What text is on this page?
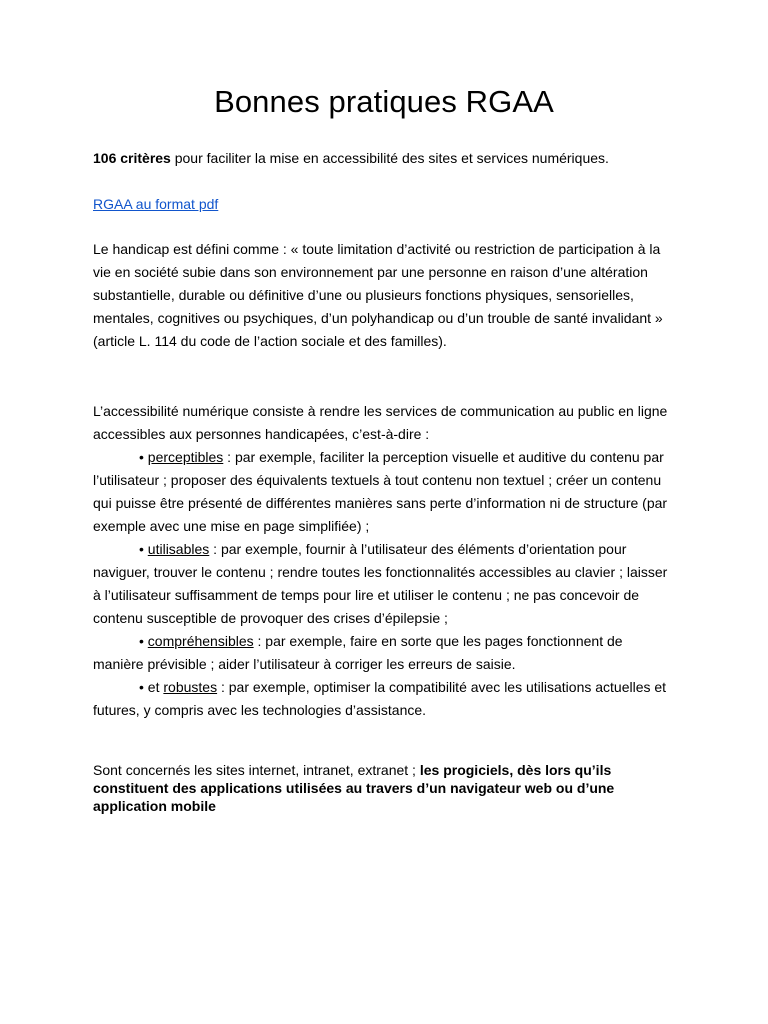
Bonnes pratiques RGAA

106 critères pour faciliter la mise en accessibilité des sites et services numériques.

RGAA au format pdf

Le handicap est défini comme : « toute limitation d’activité ou restriction de participation à la
vie en société subie dans son environnement par une personne en raison d’une altération
substantielle, durable ou définitive d’une ou plusieurs fonctions physiques, sensorielles,
mentales, cognitives ou psychiques, d’un polyhandicap ou d’un trouble de santé invalidant »
(article L. 114 du code de l’action sociale et des familles).
L’accessibilité numérique consiste à rendre les services de communication au public en ligne
accessibles aux personnes handicapées, c’est-à-dire :
• perceptibles : par exemple, faciliter la perception visuelle et auditive du contenu par
l’utilisateur ; proposer des équivalents textuels à tout contenu non textuel ; créer un contenu
qui puisse être présenté de différentes manières sans perte d’information ni de structure (par
exemple avec une mise en page simplifiée) ;
• utilisables : par exemple, fournir à l’utilisateur des éléments d’orientation pour
naviguer, trouver le contenu ; rendre toutes les fonctionnalités accessibles au clavier ; laisser
à l’utilisateur suffisamment de temps pour lire et utiliser le contenu ; ne pas concevoir de
contenu susceptible de provoquer des crises d’épilepsie ;
• compréhensibles : par exemple, faire en sorte que les pages fonctionnent de
manière prévisible ; aider l’utilisateur à corriger les erreurs de saisie.
• et robustes : par exemple, optimiser la compatibilité avec les utilisations actuelles et
futures, y compris avec les technologies d’assistance.
Sont concernés les sites internet, intranet, extranet ; les progiciels, dès lors qu’ils
constituent des applications utilisées au travers d’un navigateur web ou d’une
application mobile
